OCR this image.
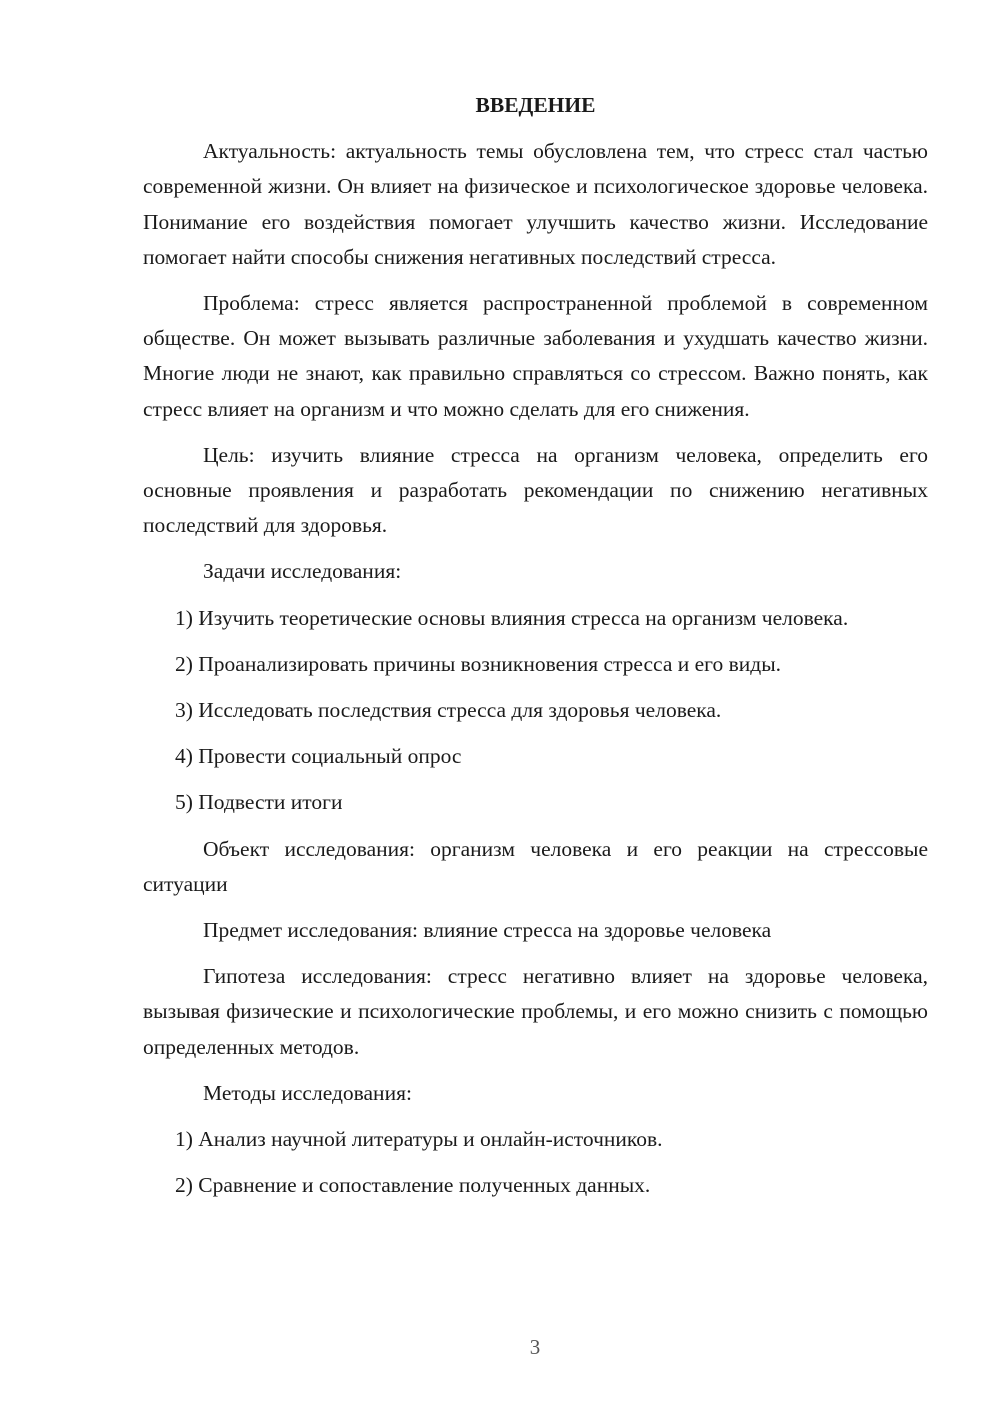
ВВЕДЕНИЕ
Актуальность: актуальность темы обусловлена тем, что стресс стал частью современной жизни. Он влияет на физическое и психологическое здоровье человека. Понимание его воздействия помогает улучшить качество жизни. Исследование помогает найти способы снижения негативных последствий стресса.
Проблема: стресс является распространенной проблемой в современном обществе. Он может вызывать различные заболевания и ухудшать качество жизни. Многие люди не знают, как правильно справляться со стрессом. Важно понять, как стресс влияет на организм и что можно сделать для его снижения.
Цель: изучить влияние стресса на организм человека, определить его основные проявления и разработать рекомендации по снижению негативных последствий для здоровья.
Задачи исследования:
1) Изучить теоретические основы влияния стресса на организм человека.
2) Проанализировать причины возникновения стресса и его виды.
3) Исследовать последствия стресса для здоровья человека.
4) Провести социальный опрос
5) Подвести итоги
Объект исследования: организм человека и его реакции на стрессовые ситуации
Предмет исследования: влияние стресса на здоровье человека
Гипотеза исследования: стресс негативно влияет на здоровье человека, вызывая физические и психологические проблемы, и его можно снизить с помощью определенных методов.
Методы исследования:
1) Анализ научной литературы и онлайн-источников.
2) Сравнение и сопоставление полученных данных.
3
